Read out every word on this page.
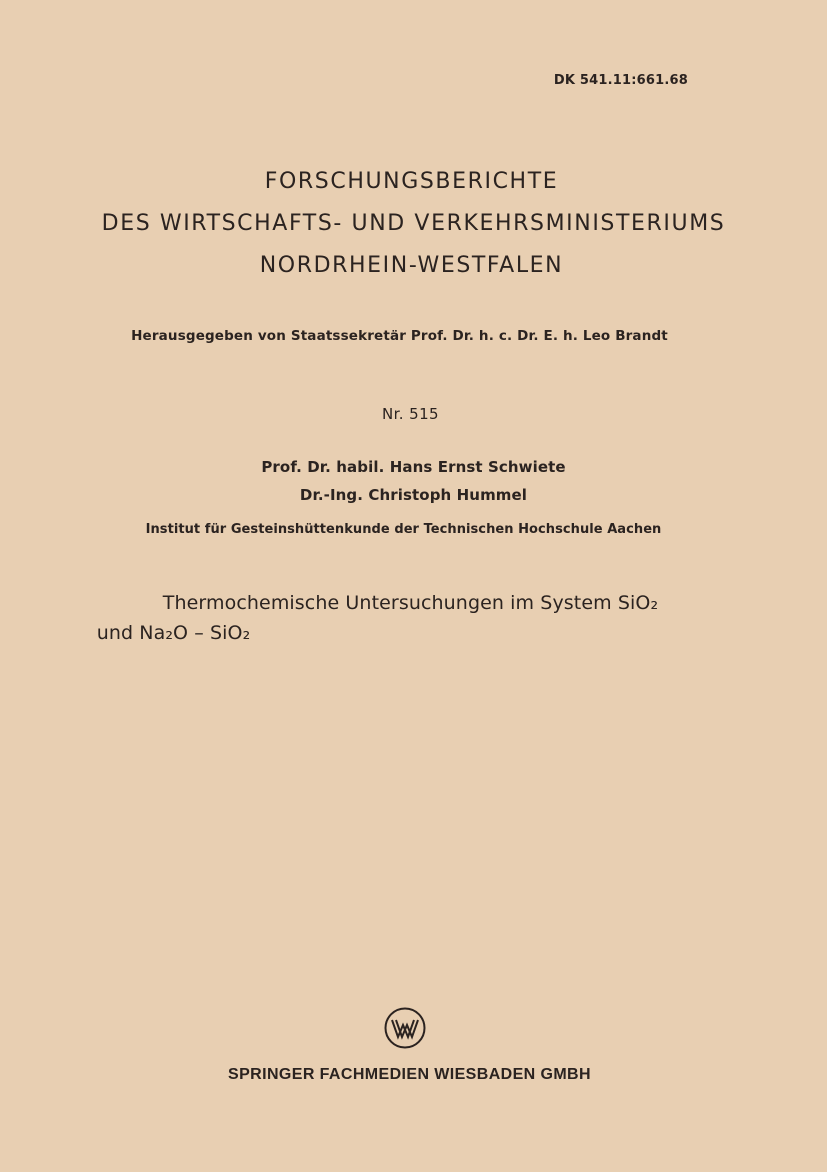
DK 541.11:661.68
FORSCHUNGSBERICHTE
DES WIRTSCHAFTS- UND VERKEHRSMINISTERIUMS
NORDRHEIN-WESTFALEN
Herausgegeben von Staatssekretär Prof. Dr. h. c. Dr. E. h. Leo Brandt
Nr. 515
Prof. Dr. habil. Hans Ernst Schwiete
Dr.-Ing. Christoph Hummel
Institut für Gesteinshüttenkunde der Technischen Hochschule Aachen
Thermochemische Untersuchungen im System SiO₂
und Na₂O – SiO₂
SPRINGER FACHMEDIEN WIESBADEN GMBH
